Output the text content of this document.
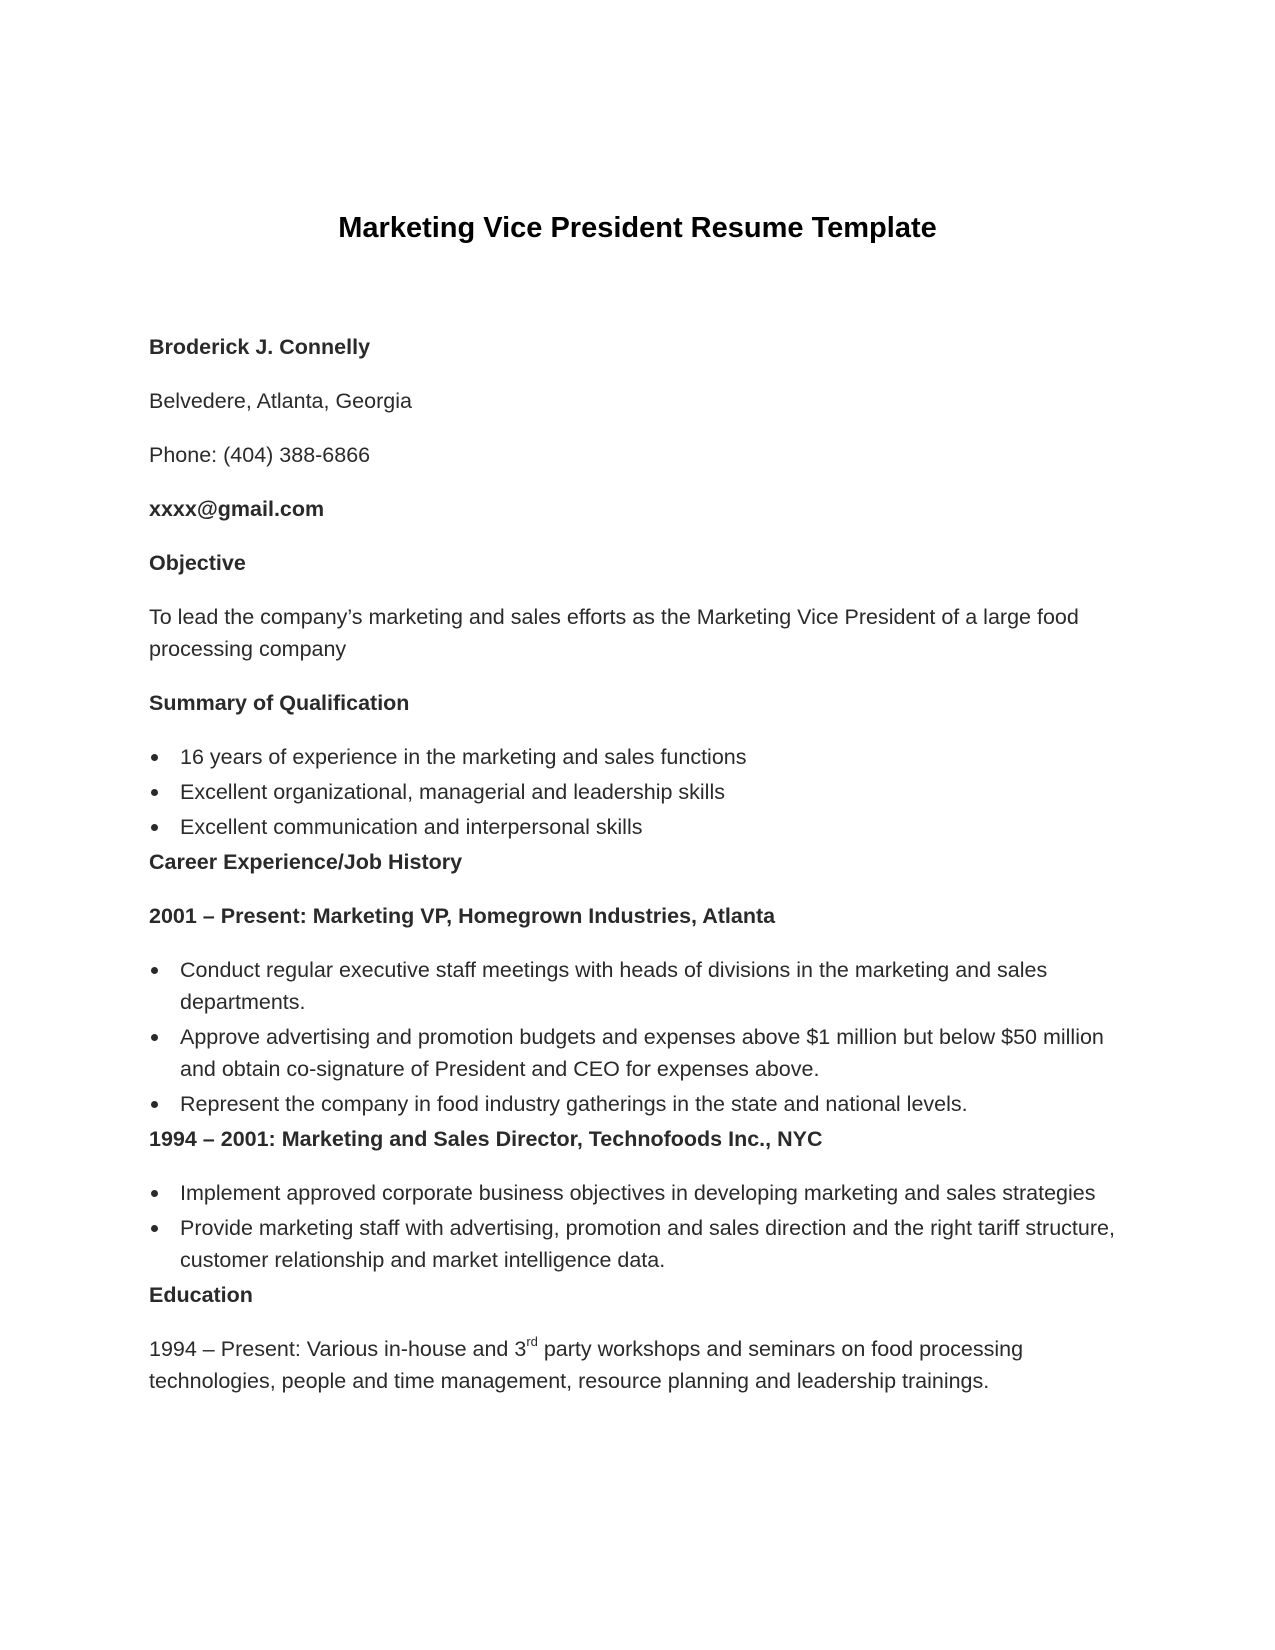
Marketing Vice President Resume Template

Broderick J. Connelly

Belvedere, Atlanta, Georgia

Phone: (404) 388-6866

xxxx@gmail.com

Objective

To lead the company’s marketing and sales efforts as the Marketing Vice President of a large food processing company

Summary of Qualification

16 years of experience in the marketing and sales functions
Excellent organizational, managerial and leadership skills
Excellent communication and interpersonal skills

Career Experience/Job History

2001 – Present: Marketing VP, Homegrown Industries, Atlanta

Conduct regular executive staff meetings with heads of divisions in the marketing and sales departments.
Approve advertising and promotion budgets and expenses above $1 million but below $50 million and obtain co-signature of President and CEO for expenses above.
Represent the company in food industry gatherings in the state and national levels.

1994 – 2001: Marketing and Sales Director, Technofoods Inc., NYC

Implement approved corporate business objectives in developing marketing and sales strategies
Provide marketing staff with advertising, promotion and sales direction and the right tariff structure, customer relationship and market intelligence data.

Education

1994 – Present: Various in-house and 3rd party workshops and seminars on food processing technologies, people and time management, resource planning and leadership trainings.
